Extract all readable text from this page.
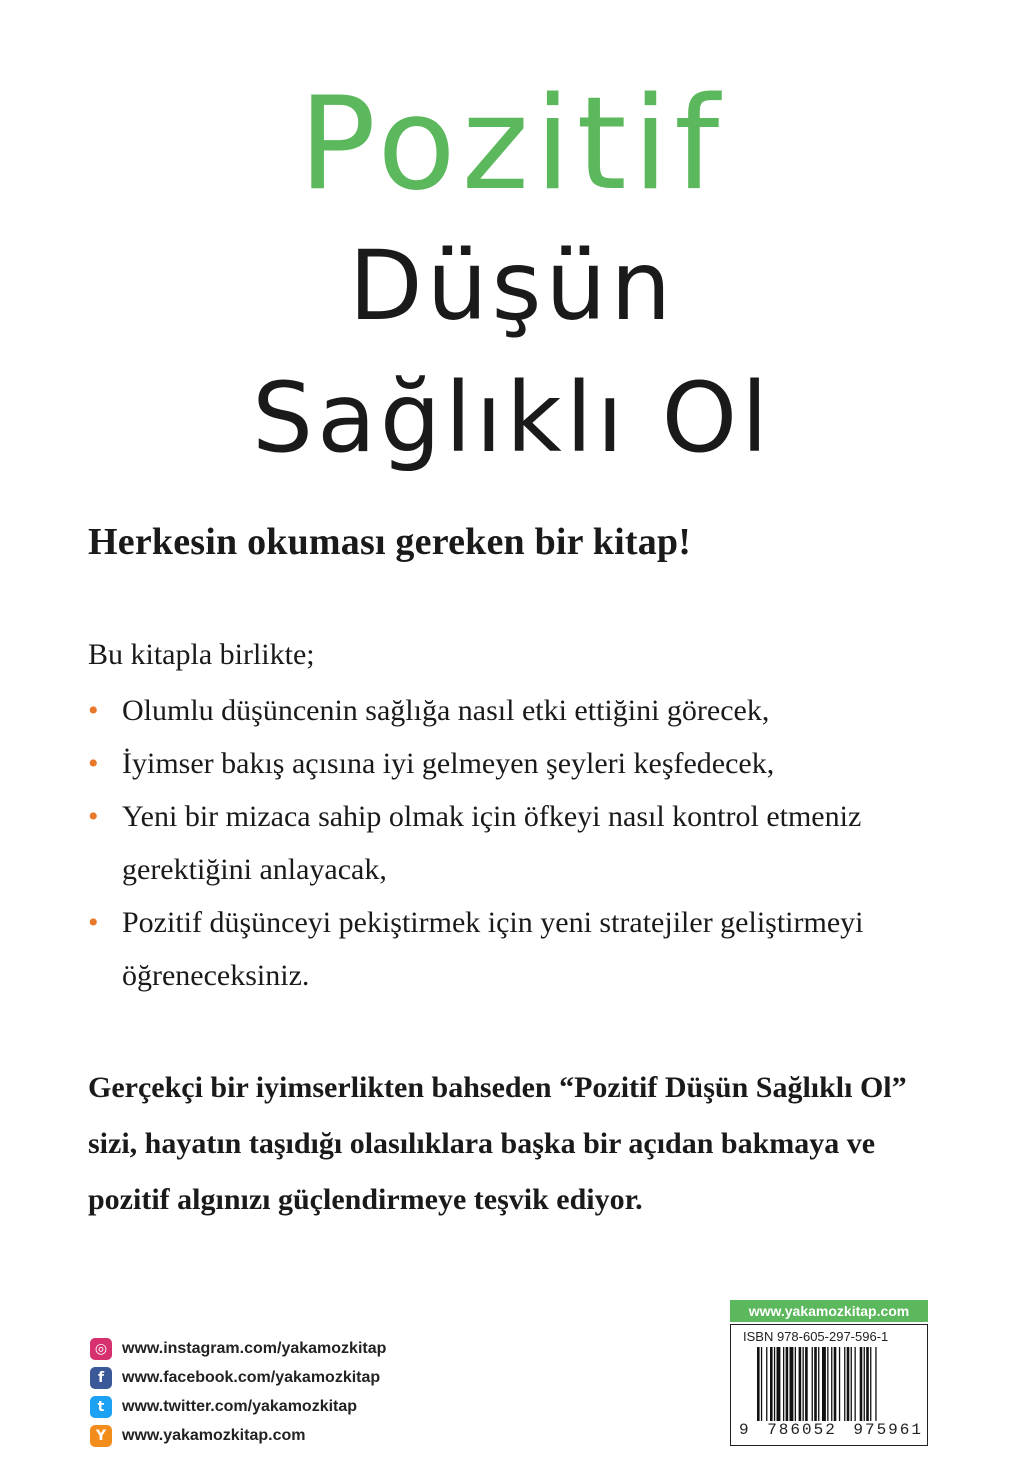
Pozitif
Düşün
Sağlıklı Ol
Herkesin okuması gereken bir kitap!
Bu kitapla birlikte;
• Olumlu düşüncenin sağlığa nasıl etki ettiğini görecek,
• İyimser bakış açısına iyi gelmeyen şeyleri keşfedecek,
• Yeni bir mizaca sahip olmak için öfkeyi nasıl kontrol etmeniz gerektiğini anlayacak,
• Pozitif düşünceyi pekiştirmek için yeni stratejiler geliştirmeyi öğreneceksiniz.
Gerçekçi bir iyimserlikten bahseden “Pozitif Düşün Sağlıklı Ol” sizi, hayatın taşıdığı olasılıklara başka bir açıdan bakmaya ve pozitif algınızı güçlendirmeye teşvik ediyor.
◎ www.instagram.com/yakamozkitap
f	www.facebook.com/yakamozkitap
t	www.twitter.com/yakamozkitap
Y www.yakamozkitap.com
www.yakamozkitap.com
ISBN 978-605-297-596-1
9 786052 975961
